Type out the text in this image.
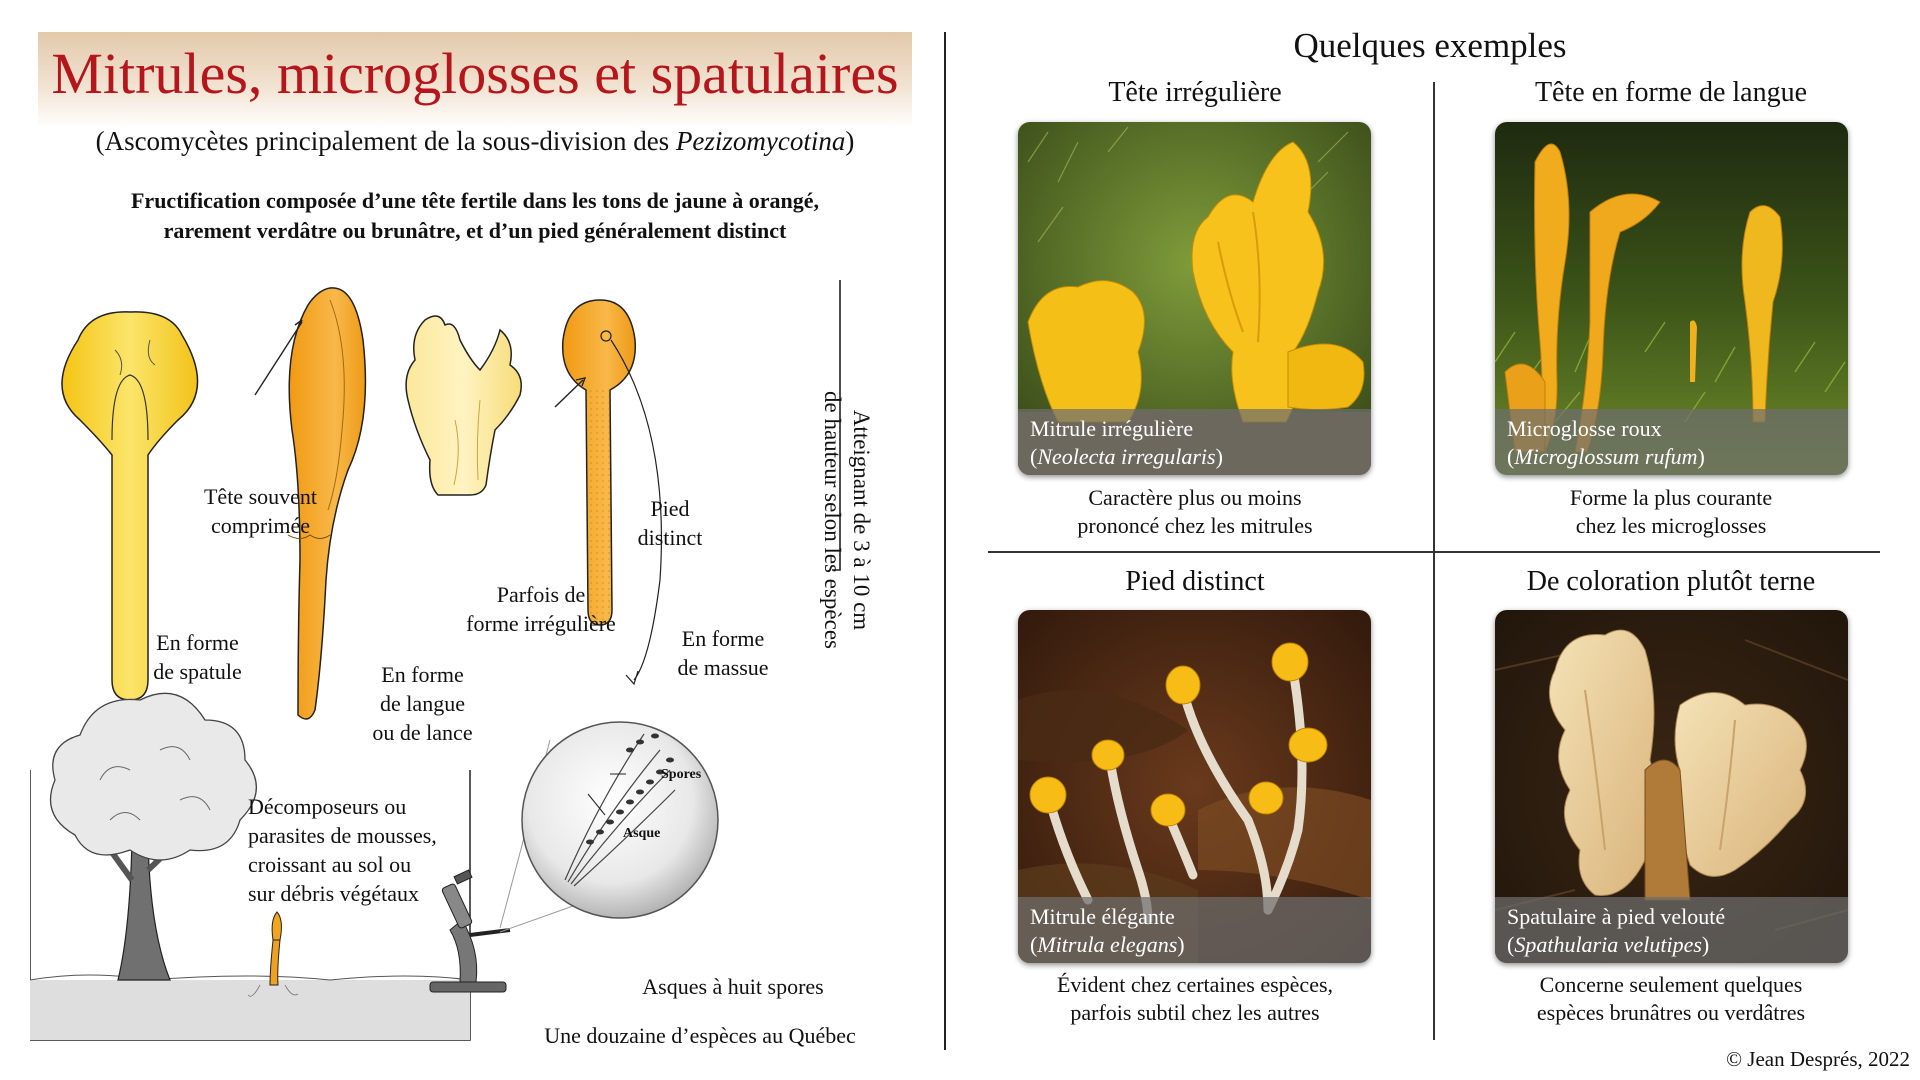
Mitrules, microglosses et spatulaires
(Ascomycètes principalement de la sous-division des Pezizomycotina)
Fructification composée d’une tête fertile dans les tons de jaune à orangé,
rarement verdâtre ou brunâtre, et d’un pied généralement distinct
En forme
de spatule
Tête souvent
comprimée
En forme
de langue
ou de lance
Parfois de
forme irrégulière
Pied
distinct
En forme
de massue
Atteignant de 3 à 10 cm
de hauteur selon les espèces
Décomposeurs ou
parasites de mousses,
croissant au sol ou
sur débris végétaux
Spores
Asque
Asques à huit spores
Une douzaine d’espèces au Québec
Quelques exemples
Tête irrégulière
Mitrule irrégulière
(Neolecta irregularis)
Caractère plus ou moins
prononcé chez les mitrules
Tête en forme de langue
Microglosse roux
(Microglossum rufum)
Forme la plus courante
chez les microglosses
Pied distinct
Mitrule élégante
(Mitrula elegans)
Évident chez certaines espèces,
parfois subtil chez les autres
De coloration plutôt terne
Spatulaire à pied velouté
(Spathularia velutipes)
Concerne seulement quelques
espèces brunâtres ou verdâtres
© Jean Després, 2022
